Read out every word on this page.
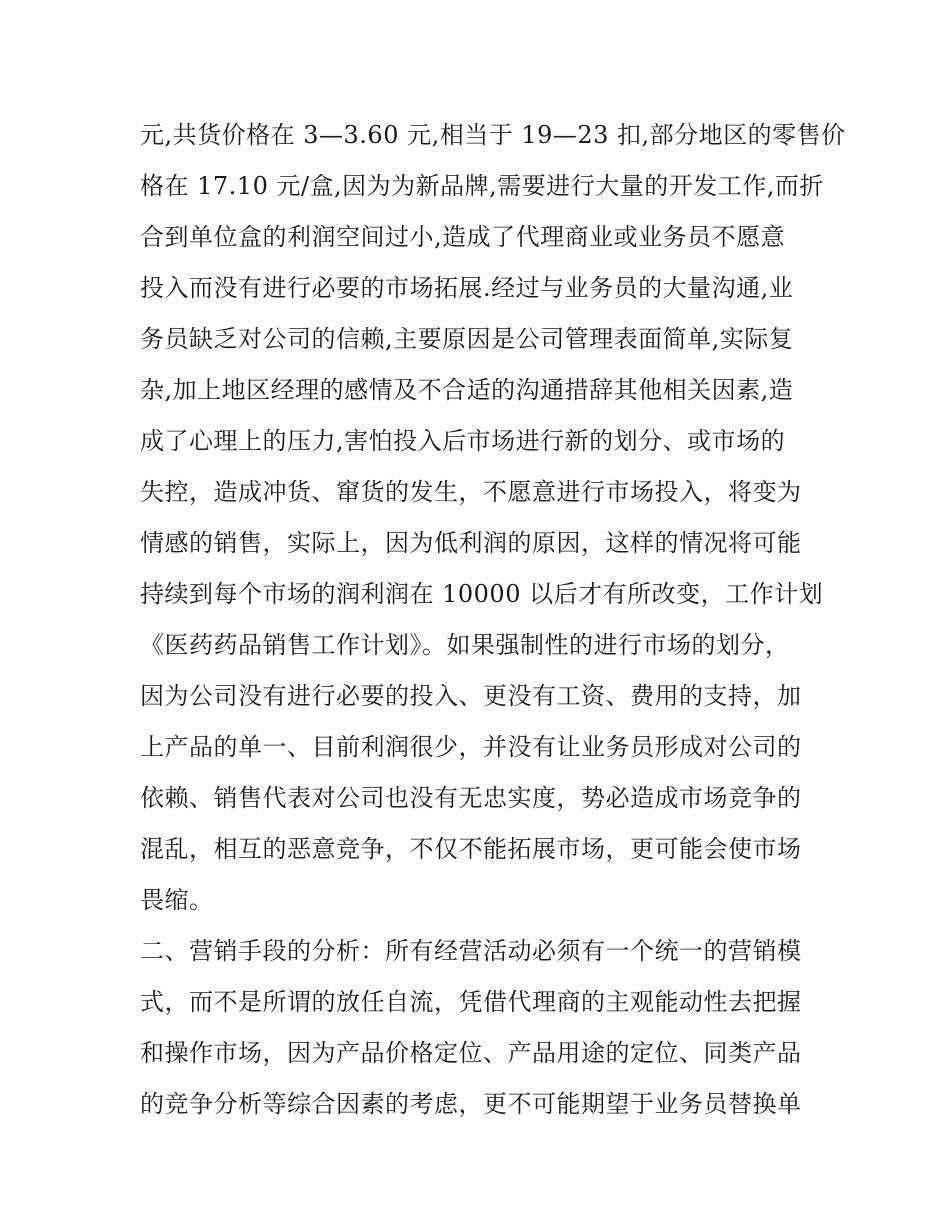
元,共货价格在 3—3.60 元,相当于 19—23 扣,部分地区的零售价
格在 17.10 元/盒,因为为新品牌,需要进行大量的开发工作,而折
合到单位盒的利润空间过小,造成了代理商业或业务员不愿意
投入而没有进行必要的市场拓展.经过与业务员的大量沟通,业
务员缺乏对公司的信赖,主要原因是公司管理表面简单,实际复
杂,加上地区经理的感情及不合适的沟通措辞其他相关因素,造
成了心理上的压力,害怕投入后市场进行新的划分、或市场的
失控，造成冲货、窜货的发生，不愿意进行市场投入，将变为
情感的销售，实际上，因为低利润的原因，这样的情况将可能
持续到每个市场的润利润在 10000 以后才有所改变，工作计划
《医药药品销售工作计划》。如果强制性的进行市场的划分，
因为公司没有进行必要的投入、更没有工资、费用的支持，加
上产品的单一、目前利润很少，并没有让业务员形成对公司的
依赖、销售代表对公司也没有无忠实度，势必造成市场竞争的
混乱，相互的恶意竞争，不仅不能拓展市场，更可能会使市场
畏缩。
二、营销手段的分析：所有经营活动必须有一个统一的营销模
式，而不是所谓的放任自流，凭借代理商的主观能动性去把握
和操作市场，因为产品价格定位、产品用途的定位、同类产品
的竞争分析等综合因素的考虑，更不可能期望于业务员替换单
